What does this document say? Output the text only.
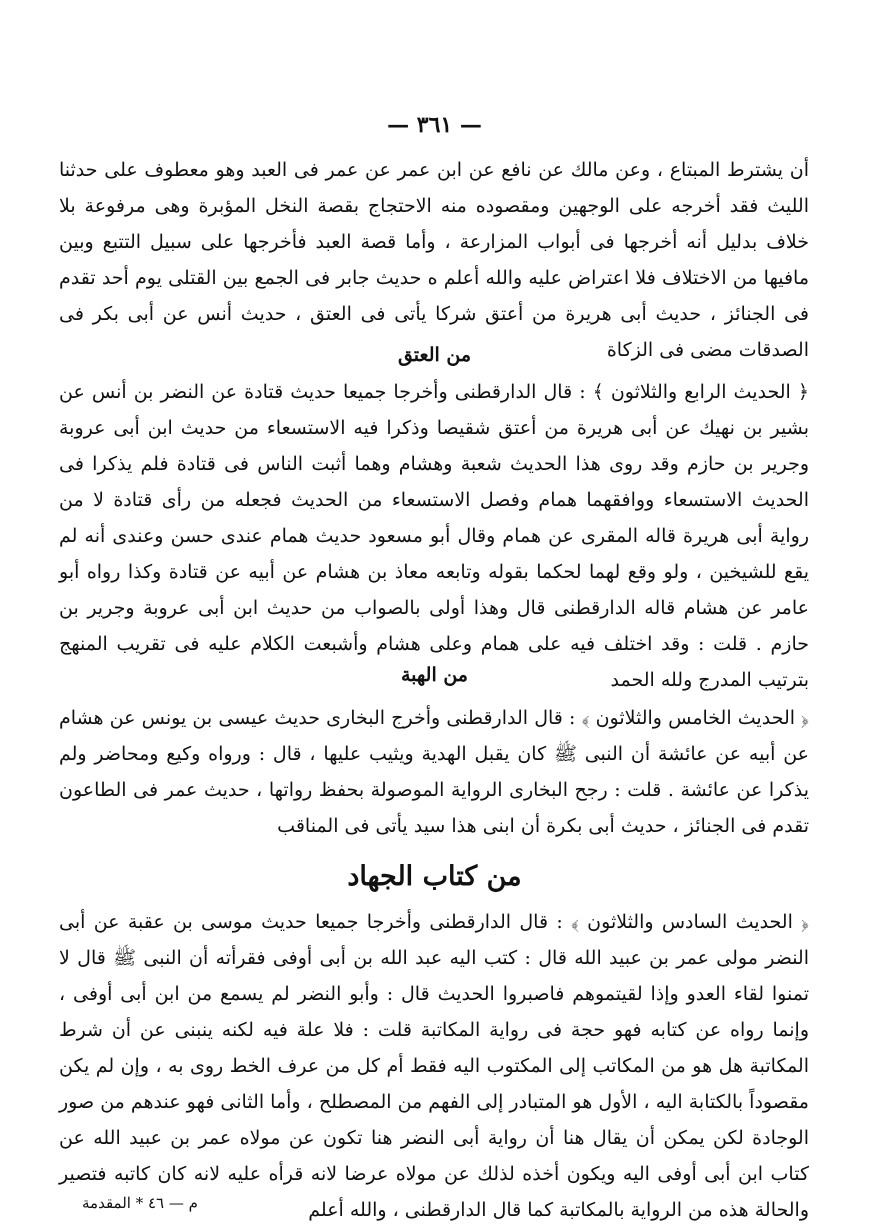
— ٣٦١ —

أن يشترط المبتاع ، وعن مالك عن نافع عن ابن عمر عن عمر فى العبد وهو معطوف على حدثنا الليث فقد أخرجه على الوجهين ومقصوده منه الاحتجاج بقصة النخل المؤبرة وهى مرفوعة بلا خلاف بدليل أنه أخرجها فى أبواب المزارعة ، وأما قصة العبد فأخرجها على سبيل التتبع وبين مافيها من الاختلاف فلا اعتراض عليه والله أعلم ه حديث جابر فى الجمع بين القتلى يوم أحد تقدم فى الجنائز ، حديث أبى هريرة من أعتق شركا يأتى فى العتق ، حديث أنس عن أبى بكر فى الصدقات مضى فى الزكاة

من العتق

﴿ الحديث الرابع والثلاثون ﴾ : قال الدارقطنى وأخرجا جميعا حديث قتادة عن النضر بن أنس عن بشير بن نهيك عن أبى هريرة من أعتق شقيصا وذكرا فيه الاستسعاء من حديث ابن أبى عروبة وجرير بن حازم وقد روى هذا الحديث شعبة وهشام وهما أثبت الناس فى قتادة فلم يذكرا فى الحديث الاستسعاء ووافقهما همام وفصل الاستسعاء من الحديث فجعله من رأى قتادة لا من رواية أبى هريرة قاله المقرى عن همام وقال أبو مسعود حديث همام عندى حسن وعندى أنه لم يقع للشيخين ، ولو وقع لهما لحكما بقوله وتابعه معاذ بن هشام عن أبيه عن قتادة وكذا رواه أبو عامر عن هشام قاله الدارقطنى قال وهذا أولى بالصواب من حديث ابن أبى عروبة وجرير بن حازم . قلت : وقد اختلف فيه على همام وعلى هشام وأشبعت الكلام عليه فى تقريب المنهج بترتيب المدرج ولله الحمد

من الهبة

﴿ الحديث الخامس والثلاثون ﴾ : قال الدارقطنى وأخرج البخارى حديث عيسى بن يونس عن هشام عن أبيه عن عائشة أن النبى ﷺ كان يقبل الهدية ويثيب عليها ، قال : ورواه وكيع ومحاضر ولم يذكرا عن عائشة . قلت : رجح البخارى الرواية الموصولة بحفظ رواتها ، حديث عمر فى الطاعون تقدم فى الجنائز ، حديث أبى بكرة أن ابنى هذا سيد يأتى فى المناقب

من كتاب الجهاد

﴿ الحديث السادس والثلاثون ﴾ : قال الدارقطنى وأخرجا جميعا حديث موسى بن عقبة عن أبى النضر مولى عمر بن عبيد الله قال : كتب اليه عبد الله بن أبى أوفى فقرأته أن النبى ﷺ قال لا تمنوا لقاء العدو وإذا لقيتموهم فاصبروا الحديث قال : وأبو النضر لم يسمع من ابن أبى أوفى ، وإنما رواه عن كتابه فهو حجة فى رواية المكاتبة قلت : فلا علة فيه لكنه ينبنى عن أن شرط المكاتبة هل هو من المكاتب إلى المكتوب اليه فقط أم كل من عرف الخط روى به ، وإن لم يكن مقصوداً بالكتابة اليه ، الأول هو المتبادر إلى الفهم من المصطلح ، وأما الثانى فهو عندهم من صور الوجادة لكن يمكن أن يقال هنا أن رواية أبى النضر هنا تكون عن مولاه عمر بن عبيد الله عن كتاب ابن أبى أوفى اليه ويكون أخذه لذلك عن مولاه عرضا لانه قرأه عليه لانه كان كاتبه فتصير والحالة هذه من الرواية بالمكاتبة كما قال الدارقطنى ، والله أعلم

م — ٤٦ * المقدمة
